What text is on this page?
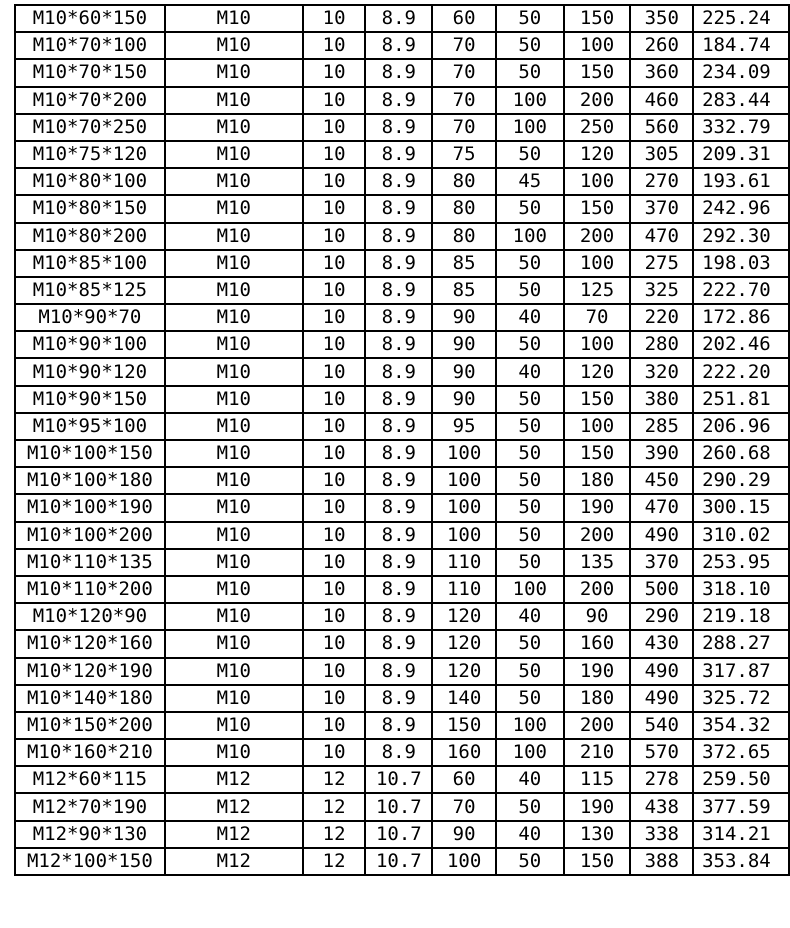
M10*60*150	M10	10	8.9	60	50	150	350	225.24
M10*70*100	M10	10	8.9	70	50	100	260	184.74
M10*70*150	M10	10	8.9	70	50	150	360	234.09
M10*70*200	M10	10	8.9	70	100	200	460	283.44
M10*70*250	M10	10	8.9	70	100	250	560	332.79
M10*75*120	M10	10	8.9	75	50	120	305	209.31
M10*80*100	M10	10	8.9	80	45	100	270	193.61
M10*80*150	M10	10	8.9	80	50	150	370	242.96
M10*80*200	M10	10	8.9	80	100	200	470	292.30
M10*85*100	M10	10	8.9	85	50	100	275	198.03
M10*85*125	M10	10	8.9	85	50	125	325	222.70
M10*90*70	M10	10	8.9	90	40	70	220	172.86
M10*90*100	M10	10	8.9	90	50	100	280	202.46
M10*90*120	M10	10	8.9	90	40	120	320	222.20
M10*90*150	M10	10	8.9	90	50	150	380	251.81
M10*95*100	M10	10	8.9	95	50	100	285	206.96
M10*100*150	M10	10	8.9	100	50	150	390	260.68
M10*100*180	M10	10	8.9	100	50	180	450	290.29
M10*100*190	M10	10	8.9	100	50	190	470	300.15
M10*100*200	M10	10	8.9	100	50	200	490	310.02
M10*110*135	M10	10	8.9	110	50	135	370	253.95
M10*110*200	M10	10	8.9	110	100	200	500	318.10
M10*120*90	M10	10	8.9	120	40	90	290	219.18
M10*120*160	M10	10	8.9	120	50	160	430	288.27
M10*120*190	M10	10	8.9	120	50	190	490	317.87
M10*140*180	M10	10	8.9	140	50	180	490	325.72
M10*150*200	M10	10	8.9	150	100	200	540	354.32
M10*160*210	M10	10	8.9	160	100	210	570	372.65
M12*60*115	M12	12	10.7	60	40	115	278	259.50
M12*70*190	M12	12	10.7	70	50	190	438	377.59
M12*90*130	M12	12	10.7	90	40	130	338	314.21
M12*100*150	M12	12	10.7	100	50	150	388	353.84
